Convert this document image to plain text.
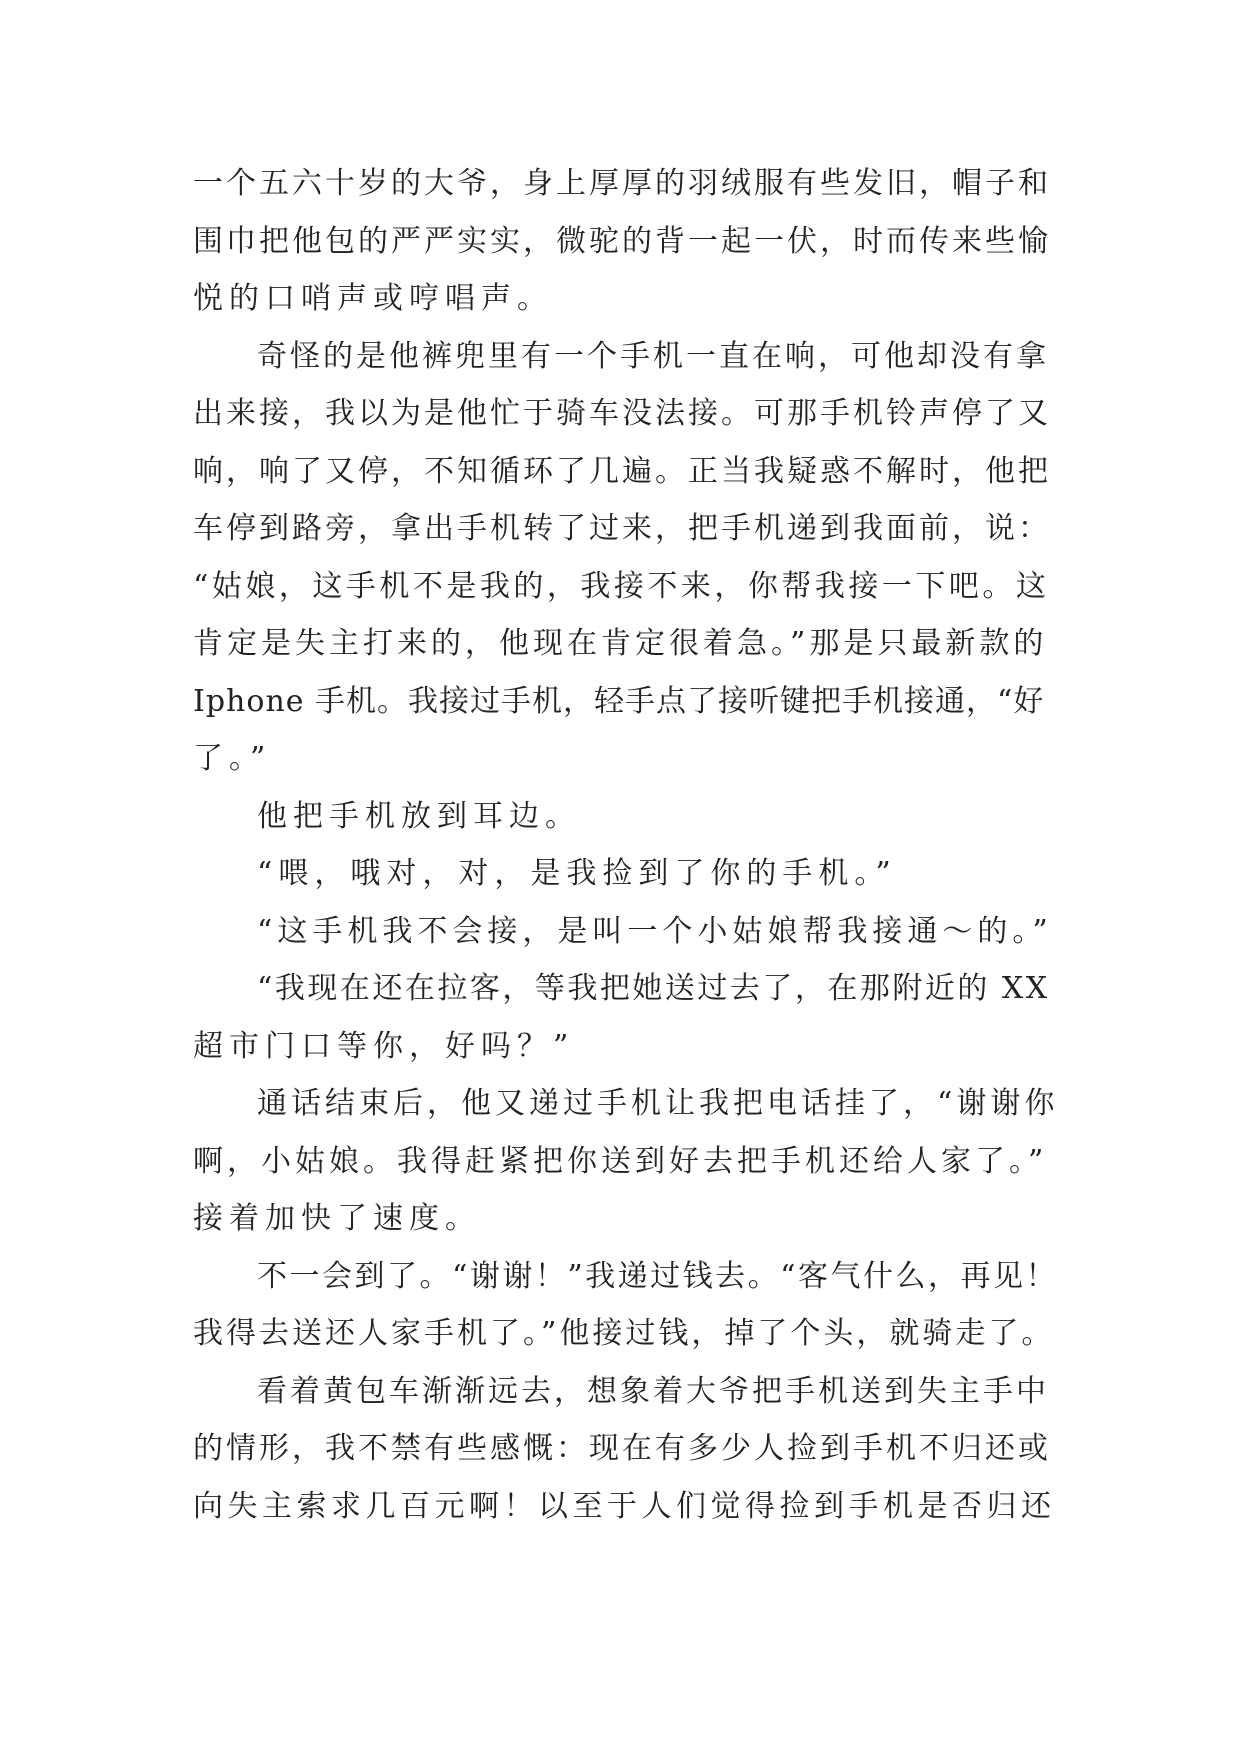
一个五六十岁的大爷，身上厚厚的羽绒服有些发旧，帽子和
围巾把他包的严严实实，微驼的背一起一伏，时而传来些愉
悦的口哨声或哼唱声。
奇怪的是他裤兜里有一个手机一直在响，可他却没有拿
出来接，我以为是他忙于骑车没法接。可那手机铃声停了又
响，响了又停，不知循环了几遍。正当我疑惑不解时，他把
车停到路旁，拿出手机转了过来，把手机递到我面前，说：
“姑娘，这手机不是我的，我接不来，你帮我接一下吧。这
肯定是失主打来的，他现在肯定很着急。”那是只最新款的
Iphone 手机。我接过手机，轻手点了接听键把手机接通，“好
了。”
他把手机放到耳边。
“喂，哦对，对，是我捡到了你的手机。”
“这手机我不会接，是叫一个小姑娘帮我接通～的。”
“我现在还在拉客，等我把她送过去了，在那附近的 XX
超市门口等你，好吗？”
通话结束后，他又递过手机让我把电话挂了，“谢谢你
啊，小姑娘。我得赶紧把你送到好去把手机还给人家了。”
接着加快了速度。
不一会到了。“谢谢！”我递过钱去。“客气什么，再见！
我得去送还人家手机了。”他接过钱，掉了个头，就骑走了。
看着黄包车渐渐远去，想象着大爷把手机送到失主手中
的情形，我不禁有些感慨：现在有多少人捡到手机不归还或
向失主索求几百元啊！以至于人们觉得捡到手机是否归还
